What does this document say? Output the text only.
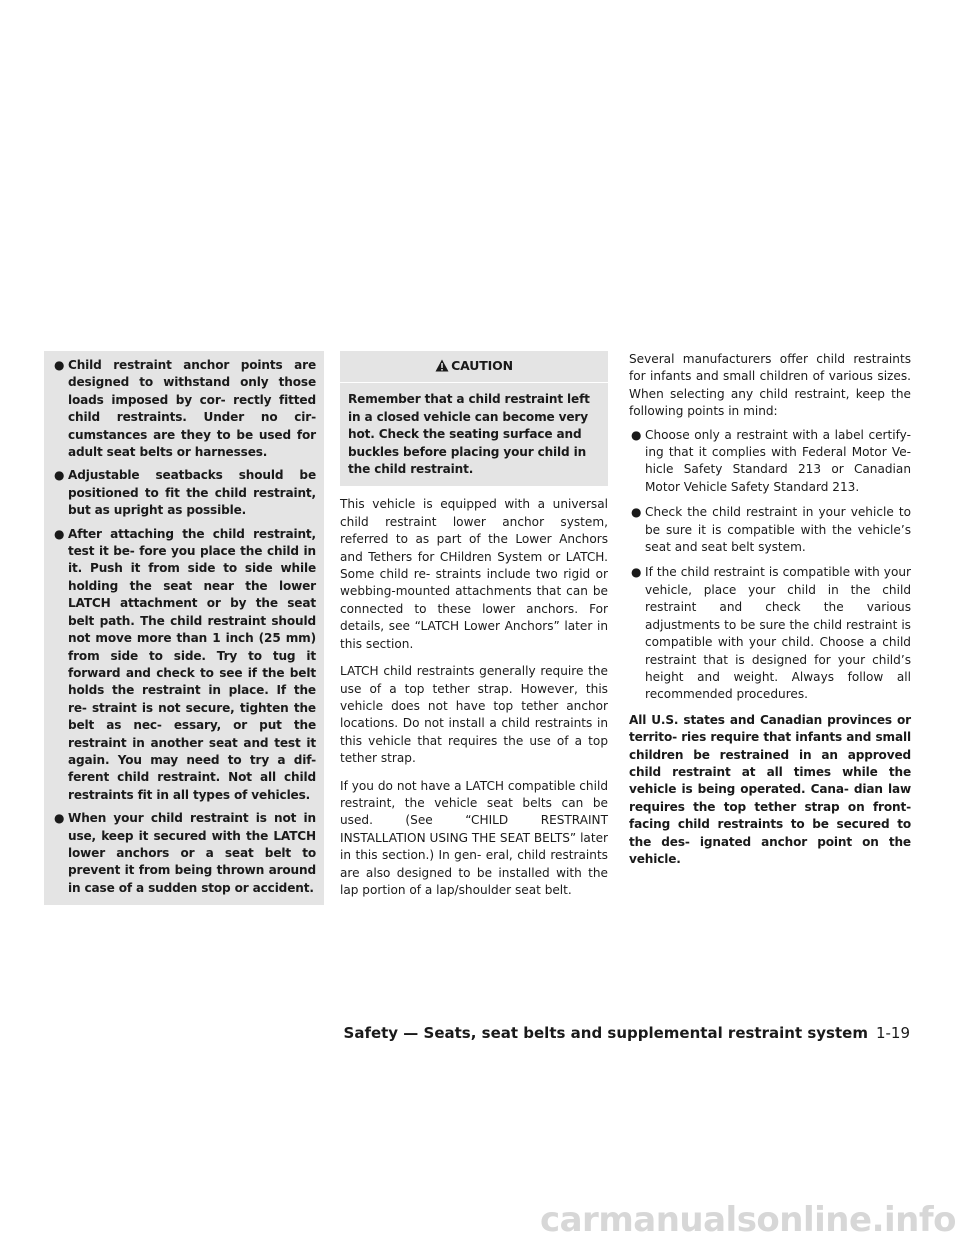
● Child restraint anchor points are designed to withstand only those loads imposed by cor- rectly fitted child restraints. Under no cir- cumstances are they to be used for adult seat belts or harnesses.
● Adjustable seatbacks should be positioned to fit the child restraint, but as upright as possible.
● After attaching the child restraint, test it be- fore you place the child in it. Push it from side to side while holding the seat near the lower LATCH attachment or by the seat belt path. The child restraint should not move more than 1 inch (25 mm) from side to side. Try to tug it forward and check to see if the belt holds the restraint in place. If the re- straint is not secure, tighten the belt as nec- essary, or put the restraint in another seat and test it again. You may need to try a dif- ferent child restraint. Not all child restraints fit in all types of vehicles.
● When your child restraint is not in use, keep it secured with the LATCH lower anchors or a seat belt to prevent it from being thrown around in case of a sudden stop or accident.
CAUTION
Remember that a child restraint left in a closed vehicle can become very hot. Check the seating surface and buckles before placing your child in the child restraint.

This vehicle is equipped with a universal child restraint lower anchor system, referred to as part of the Lower Anchors and Tethers for CHildren System or LATCH. Some child re- straints include two rigid or webbing-mounted attachments that can be connected to these lower anchors. For details, see “LATCH Lower Anchors” later in this section.

LATCH child restraints generally require the use of a top tether strap. However, this vehicle does not have top tether anchor locations. Do not install a child restraints in this vehicle that requires the use of a top tether strap.

If you do not have a LATCH compatible child restraint, the vehicle seat belts can be used. (See “CHILD RESTRAINT INSTALLATION USING THE SEAT BELTS” later in this section.) In gen- eral, child restraints are also designed to be installed with the lap portion of a lap/shoulder seat belt.

Several manufacturers offer child restraints for infants and small children of various sizes. When selecting any child restraint, keep the following points in mind:

● Choose only a restraint with a label certify- ing that it complies with Federal Motor Ve- hicle Safety Standard 213 or Canadian Motor Vehicle Safety Standard 213.
● Check the child restraint in your vehicle to be sure it is compatible with the vehicle’s seat and seat belt system.
● If the child restraint is compatible with your vehicle, place your child in the child restraint and check the various adjustments to be sure the child restraint is compatible with your child. Choose a child restraint that is designed for your child’s height and weight. Always follow all recommended procedures.

All U.S. states and Canadian provinces or territo- ries require that infants and small children be restrained in an approved child restraint at all times while the vehicle is being operated. Cana- dian law requires the top tether strap on front- facing child restraints to be secured to the des- ignated anchor point on the vehicle.

Safety — Seats, seat belts and supplemental restraint system 1-19
carmanualsonline.info
